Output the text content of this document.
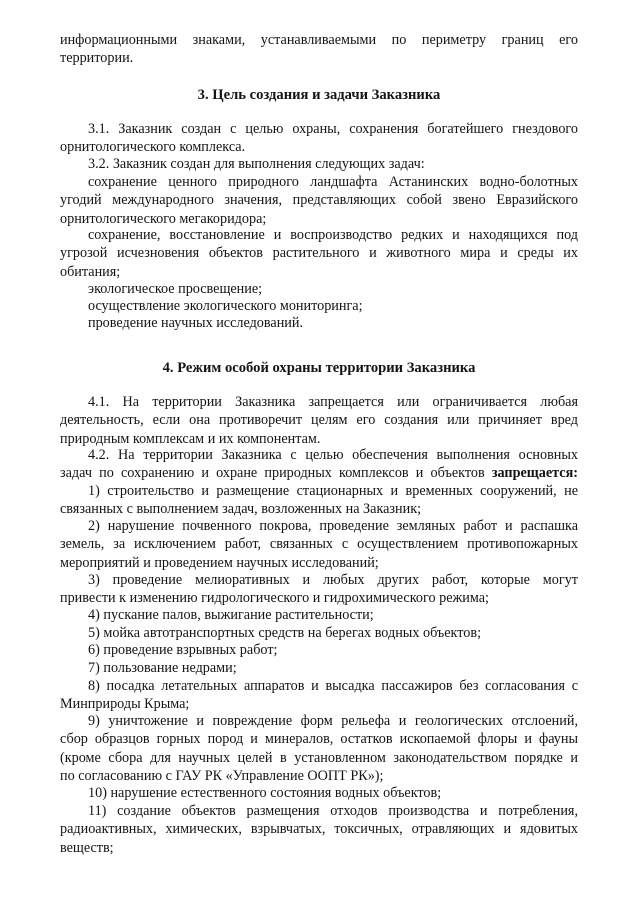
информационными знаками, устанавливаемыми по периметру границ его
территории.
3. Цель создания и задачи Заказника
3.1. Заказник создан с целью охраны, сохранения богатейшего гнездового
орнитологического комплекса.
3.2. Заказник создан для выполнения следующих задач:
сохранение ценного природного ландшафта Астанинских водно-болотных
угодий международного значения, представляющих собой звено Евразийского
орнитологического мегакоридора;
сохранение, восстановление и воспроизводство редких и находящихся под
угрозой исчезновения объектов растительного и животного мира и среды их
обитания;
экологическое просвещение;
осуществление экологического мониторинга;
проведение научных исследований.
4. Режим особой охраны территории Заказника
4.1. На территории Заказника запрещается или ограничивается любая
деятельность, если она противоречит целям его создания или причиняет вред
природным комплексам и их компонентам.
4.2. На территории Заказника с целью обеспечения выполнения основных
задач по сохранению и охране природных комплексов и объектов запрещается:
1) строительство и размещение стационарных и временных сооружений, не
связанных с выполнением задач, возложенных на Заказник;
2) нарушение почвенного покрова, проведение земляных работ и распашка
земель, за исключением работ, связанных с осуществлением противопожарных
мероприятий и проведением научных исследований;
3) проведение мелиоративных и любых других работ, которые могут
привести к изменению гидрологического и гидрохимического режима;
4) пускание палов, выжигание растительности;
5) мойка автотранспортных средств на берегах водных объектов;
6) проведение взрывных работ;
7) пользование недрами;
8) посадка летательных аппаратов и высадка пассажиров без согласования с
Минприроды Крыма;
9) уничтожение и повреждение форм рельефа и геологических отслоений,
сбор образцов горных пород и минералов, остатков ископаемой флоры и фауны
(кроме сбора для научных целей в установленном законодательством порядке и
по согласованию с ГАУ РК «Управление ООПТ РК»);
10) нарушение естественного состояния водных объектов;
11) создание объектов размещения отходов производства и потребления,
радиоактивных, химических, взрывчатых, токсичных, отравляющих и ядовитых
веществ;
